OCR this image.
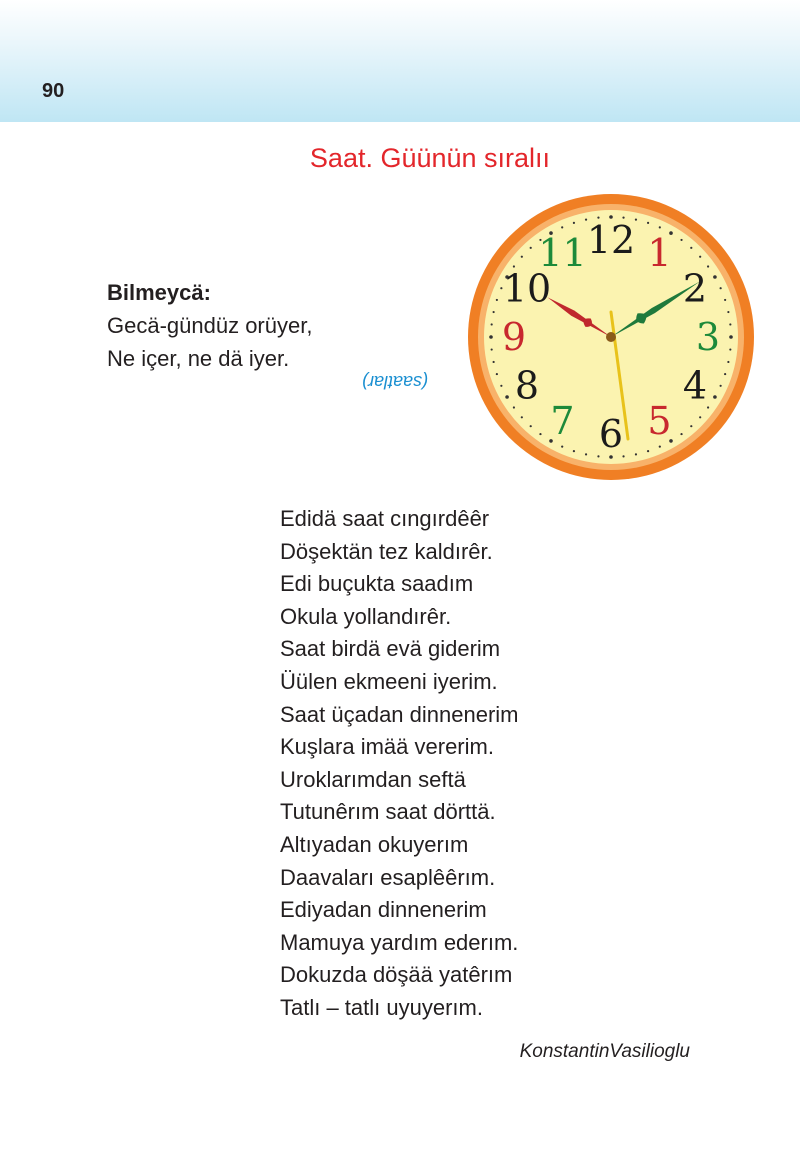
90
Saat. Güünün sıralıı
Bilmeycä:
Gecä-gündüz orüyer,
Ne içer, ne dä iyer.
(saatlar)
12 1
2
3
4
5
6
7
8
9
10
11
Edidä saat cıngırdêêr
Döşektän tez kaldırêr.
Edi buçukta saadım
Okula yollandırêr.
Saat birdä evä giderim
Üülen ekmeeni iyerim.
Saat üçadan dinnenerim
Kuşlara imää vererim.
Uroklarımdan seftä
Tutunêrım saat dörttä.
Altıyadan okuyerım
Daavaları esaplêêrım.
Ediyadan dinnenerim
Mamuya yardım ederım.
Dokuzda döşää yatêrım
Tatlı – tatlı uyuyerım.
KonstantinVasilioglu
